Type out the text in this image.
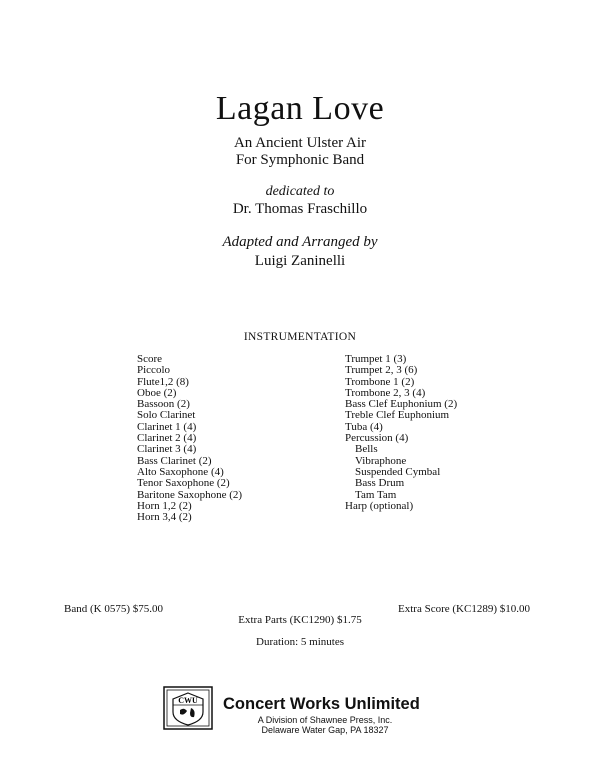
Lagan Love
An Ancient Ulster Air
For Symphonic Band
dedicated to
Dr. Thomas Fraschillo
Adapted and Arranged by
Luigi Zaninelli
INSTRUMENTATION
Score
Piccolo
Flute1,2 (8)
Oboe (2)
Bassoon (2)
Solo Clarinet
Clarinet 1 (4)
Clarinet 2 (4)
Clarinet 3 (4)
Bass Clarinet (2)
Alto Saxophone (4)
Tenor Saxophone (2)
Baritone Saxophone (2)
Horn 1,2 (2)
Horn 3,4 (2)
Trumpet 1 (3)
Trumpet 2, 3 (6)
Trombone 1 (2)
Trombone 2, 3 (4)
Bass Clef Euphonium (2)
Treble Clef Euphonium
Tuba (4)
Percussion (4)
Bells
Vibraphone
Suspended Cymbal
Bass Drum
Tam Tam
Harp (optional)
Band (K 0575) $75.00	Extra Score (KC1289) $10.00
Extra Parts (KC1290) $1.75
Duration: 5 minutes
CWU Concert Works Unlimited
A Division of Shawnee Press, Inc.
Delaware Water Gap, PA 18327
